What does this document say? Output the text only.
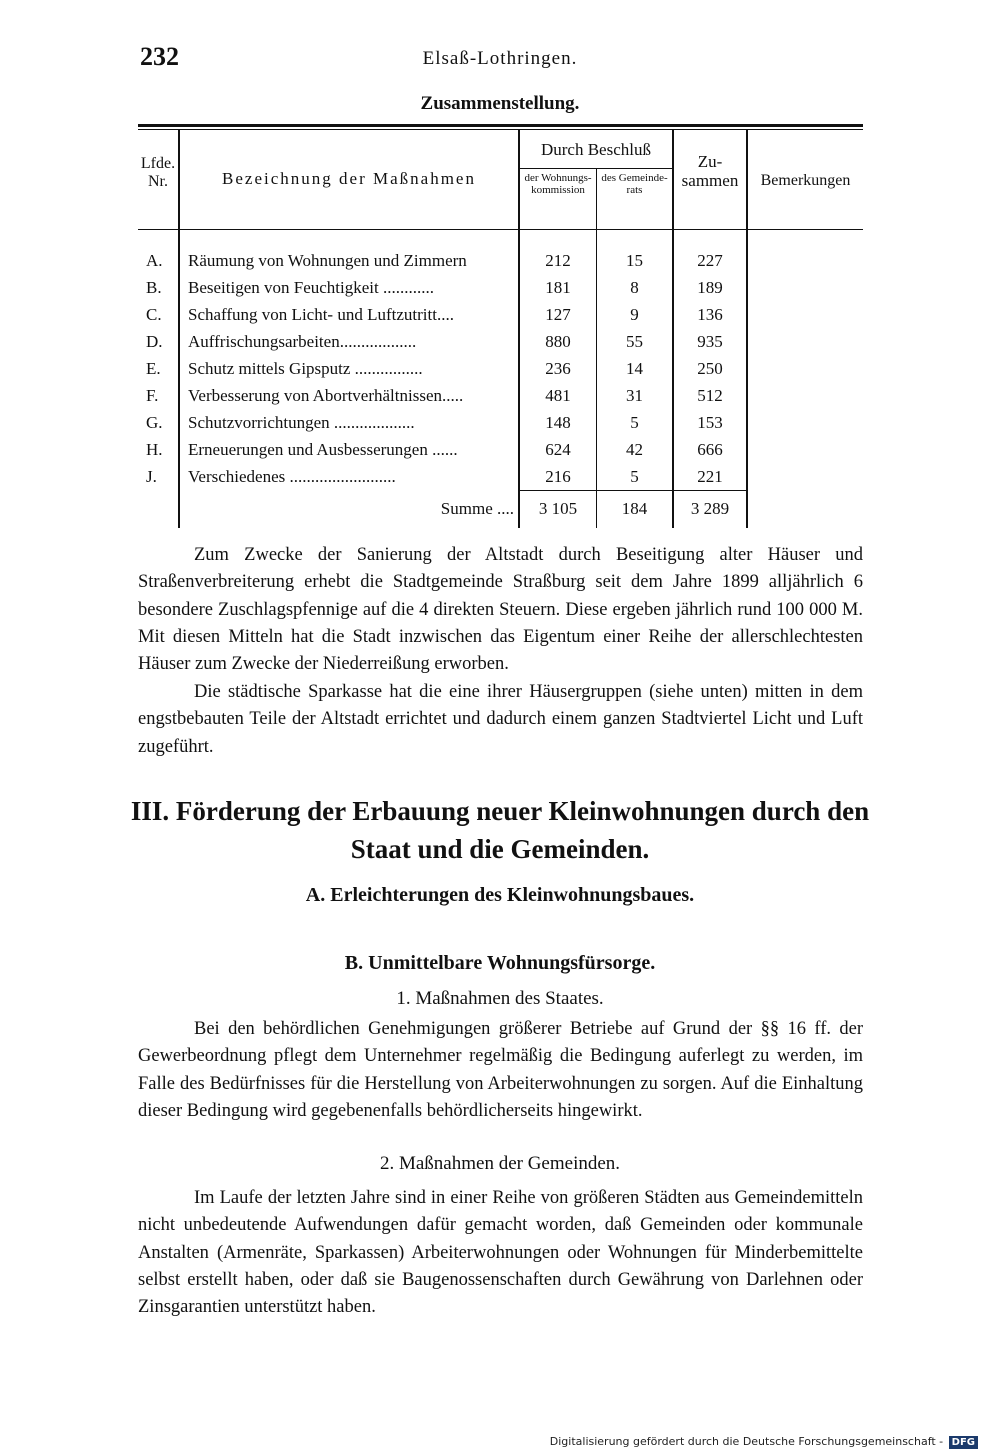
232	Elsaß-Lothringen.
Zusammenstellung.
Lfde. Nr.	Bezeichnung der Maßnahmen
Durch Beschluß
der Wohnungs- kommission
des Gemeinde- rats
Zu- sammen	Bemerkungen
A. Räumung von Wohnungen und Zimmern	212	15	227
B. Beseitigen von Feuchtigkeit ............	181	8	189
C. Schaffung von Licht- und Luftzutritt....	127	9	136
D. Auffrischungsarbeiten..................	880	55	935
E. Schutz mittels Gipsputz ................	236	14	250
F. Verbesserung von Abortverhältnissen.....	481	31	512
G. Schutzvorrichtungen ...................	148	5	153
H. Erneuerungen und Ausbesserungen ......	624	42	666
J. Verschiedenes .........................	216	5	221
Summe ....	3 105	184	3 289
Zum Zwecke der Sanierung der Altstadt durch Beseitigung alter Häuser und Straßenverbreiterung erhebt die Stadtgemeinde Straßburg seit dem Jahre 1899 alljährlich 6 besondere Zuschlagspfennige auf die 4 direkten Steuern. Diese ergeben jährlich rund 100 000 M. Mit diesen Mitteln hat die Stadt inzwischen das Eigentum einer Reihe der allerschlechtesten Häuser zum Zwecke der Niederreißung erworben.
Die städtische Sparkasse hat die eine ihrer Häusergruppen (siehe unten) mitten in dem engstbebauten Teile der Altstadt errichtet und dadurch einem ganzen Stadtviertel Licht und Luft zugeführt.
III. Förderung der Erbauung neuer Kleinwohnungen durch den
Staat und die Gemeinden.
A. Erleichterungen des Kleinwohnungsbaues.
B. Unmittelbare Wohnungsfürsorge.
1. Maßnahmen des Staates.
Bei den behördlichen Genehmigungen größerer Betriebe auf Grund der §§ 16 ff. der Gewerbeordnung pflegt dem Unternehmer regelmäßig die Bedingung auferlegt zu werden, im Falle des Bedürfnisses für die Herstellung von Arbeiterwohnungen zu sorgen. Auf die Einhaltung dieser Bedingung wird gegebenenfalls behördlicherseits hingewirkt.
2. Maßnahmen der Gemeinden.
Im Laufe der letzten Jahre sind in einer Reihe von größeren Städten aus Gemeindemitteln nicht unbedeutende Aufwendungen dafür gemacht worden, daß Gemeinden oder kommunale Anstalten (Armenräte, Sparkassen) Arbeiterwohnungen oder Wohnungen für Minderbemittelte selbst erstellt haben, oder daß sie Baugenossenschaften durch Gewährung von Darlehnen oder Zinsgarantien unterstützt haben.
Digitalisierung gefördert durch die Deutsche Forschungsgemeinschaft - DFG
